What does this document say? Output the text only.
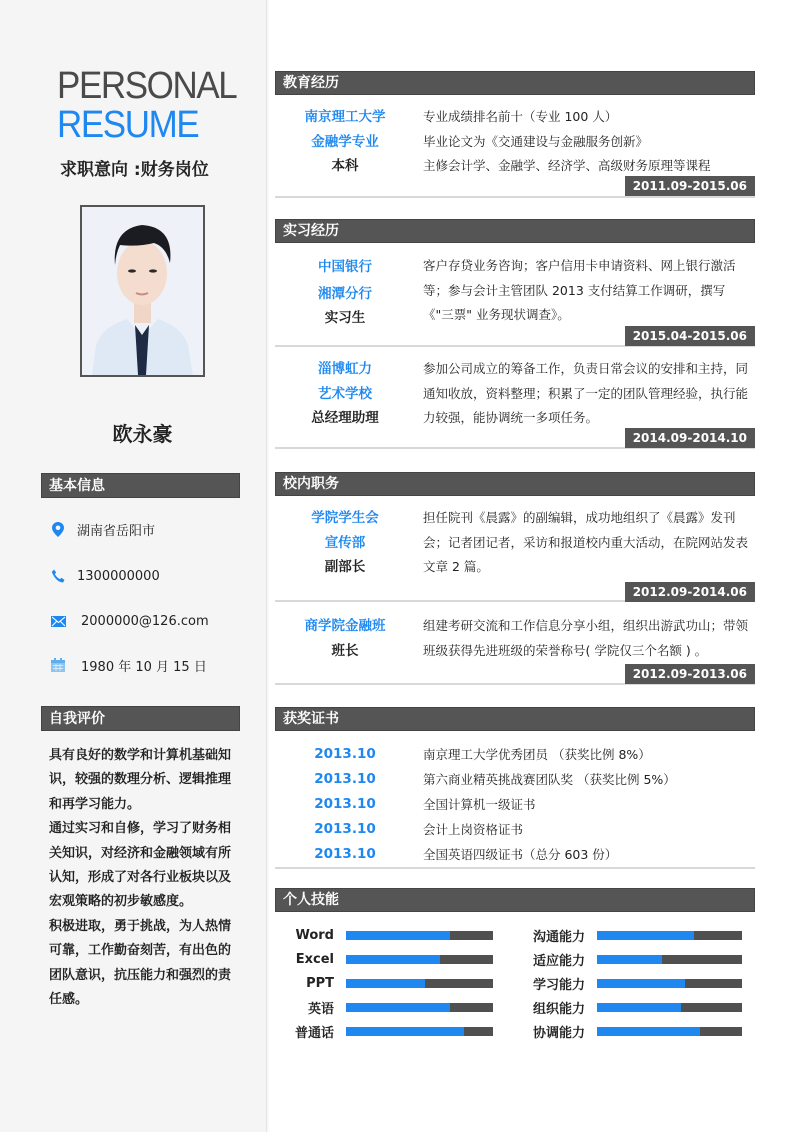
PERSONAL
RESUME
求职意向 :财务岗位
欧永豪
基本信息
湖南省岳阳市
1300000000
2000000@126.com
1980 年 10 月 15 日
自我评价

具有良好的数学和计算机基础知识，较强的数理分析、逻辑推理和再学习能力。

通过实习和自修，学习了财务相关知识，对经济和金融领域有所认知，形成了对各行业板块以及宏观策略的初步敏感度。

积极进取，勇于挑战，为人热情可靠，工作勤奋刻苦，有出色的团队意识，抗压能力和强烈的责任感。

教育经历
南京理工大学
金融学专业
本科
专业成绩排名前十（专业 100 人）
毕业论文为《交通建设与金融服务创新》
主修会计学、金融学、经济学、高级财务原理等课程
2011.09-2015.06
实习经历
中国银行
湘潭分行
实习生
客户存贷业务咨询；客户信用卡申请资料、网上银行激活等；参与会计主管团队 2013 支付结算工作调研，撰写《"三票" 业务现状调查》。
2015.04-2015.06
淄博虹力
艺术学校
总经理助理
参加公司成立的筹备工作，负责日常会议的安排和主持，同通知收放，资料整理；积累了一定的团队管理经验，执行能力较强，能协调统一多项任务。
2014.09-2014.10
校内职务
学院学生会
宣传部
副部长
担任院刊《晨露》的副编辑，成功地组织了《晨露》发刊会；记者团记者，采访和报道校内重大活动，在院网站发表文章 2 篇。
2012.09-2014.06
商学院金融班
班长
组建考研交流和工作信息分享小组，组织出游武功山；带领班级获得先进班级的荣誉称号( 学院仅三个名额 ) 。
2012.09-2013.06
获奖证书
2013.10	南京理工大学优秀团员 （获奖比例 8%）
2013.10	第六商业精英挑战赛团队奖 （获奖比例 5%）
2013.10	全国计算机一级证书
2013.10	会计上岗资格证书
2013.10	全国英语四级证书（总分 603 份）
个人技能
Word
Excel
PPT
英语
普通话
沟通能力
适应能力
学习能力
组织能力
协调能力
